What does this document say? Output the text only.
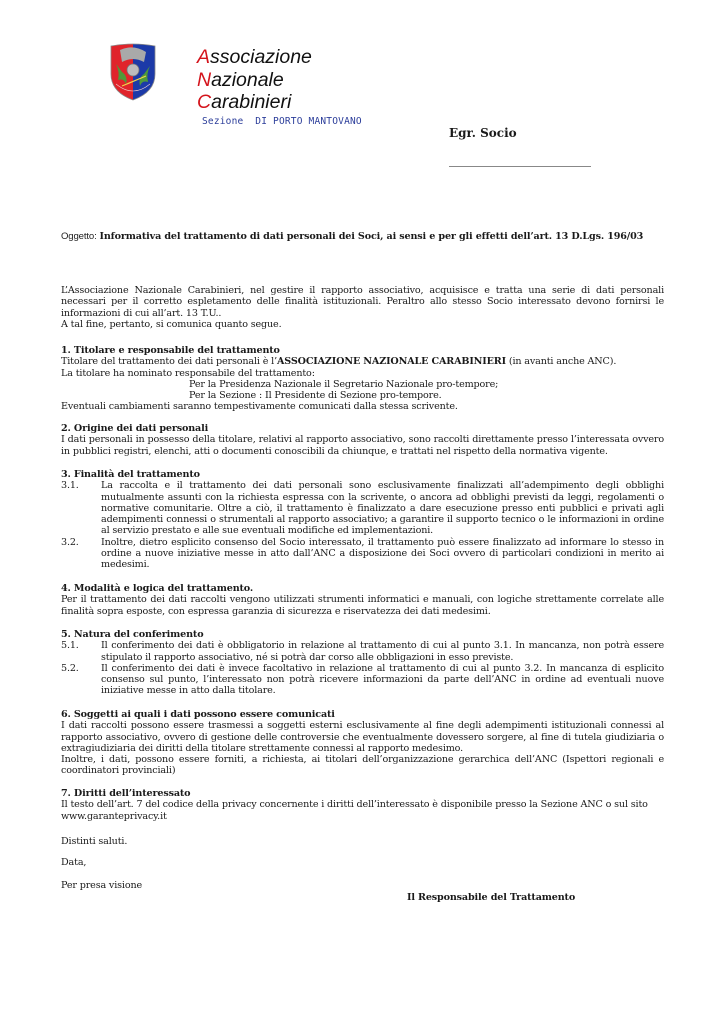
Associazione
Nazionale
Carabinieri
Sezione  DI PORTO MANTOVANO
Egr. Socio
Oggetto: Informativa del trattamento di dati personali dei Soci, ai sensi e per gli effetti dell’art. 13 D.Lgs. 196/03
L’Associazione Nazionale Carabinieri, nel gestire il rapporto associativo, acquisisce e tratta una serie di dati personali necessari per il corretto espletamento delle finalità istituzionali. Peraltro allo stesso Socio interessato devono fornirsi le informazioni di cui all’art. 13 T.U..
A tal fine, pertanto, si comunica quanto segue.
1. Titolare e responsabile del trattamento
Titolare del trattamento dei dati personali è l’ASSOCIAZIONE NAZIONALE CARABINIERI (in avanti anche ANC).
La titolare ha nominato responsabile del trattamento:
Per la Presidenza Nazionale il Segretario Nazionale pro-tempore;
Per la Sezione : Il Presidente di Sezione pro-tempore.
Eventuali cambiamenti saranno tempestivamente comunicati dalla stessa scrivente.
2. Origine dei dati personali
I dati personali in possesso della titolare, relativi al rapporto associativo, sono raccolti direttamente presso l’interessata ovvero in pubblici registri, elenchi, atti o documenti conoscibili da chiunque, e trattati nel rispetto della normativa vigente.
3. Finalità del trattamento
3.1.	La raccolta e il trattamento dei dati personali sono esclusivamente finalizzati all’adempimento degli obblighi mutualmente assunti con la richiesta espressa con la scrivente, o ancora ad obblighi previsti da leggi, regolamenti o normative comunitarie. Oltre a ciò, il trattamento è finalizzato a dare esecuzione presso enti pubblici e privati agli adempimenti connessi o strumentali al rapporto associativo; a garantire il supporto tecnico o le informazioni in ordine al servizio prestato e alle sue eventuali modifiche ed implementazioni.
3.2.	Inoltre, dietro esplicito consenso del Socio interessato, il trattamento può essere finalizzato ad informare lo stesso in ordine a nuove iniziative messe in atto dall’ANC a disposizione dei Soci ovvero di particolari condizioni in merito ai medesimi.
4. Modalità e logica del trattamento.
Per il trattamento dei dati raccolti vengono utilizzati strumenti informatici e manuali, con logiche strettamente correlate alle finalità sopra esposte, con espressa garanzia di sicurezza e riservatezza dei dati medesimi.
5. Natura del conferimento
5.1.	Il conferimento dei dati è obbligatorio in relazione al trattamento di cui al punto 3.1. In mancanza, non potrà essere stipulato il rapporto associativo, né si potrà dar corso alle obbligazioni in esso previste.
5.2.	Il conferimento dei dati è invece facoltativo in relazione al trattamento di cui al punto 3.2. In mancanza di esplicito consenso sul punto, l’interessato non potrà ricevere informazioni da parte dell’ANC in ordine ad eventuali nuove iniziative messe in atto dalla titolare.
6. Soggetti ai quali i dati possono essere comunicati
I dati raccolti possono essere trasmessi a soggetti esterni esclusivamente al fine degli adempimenti istituzionali connessi al rapporto associativo, ovvero di gestione delle controversie che eventualmente dovessero sorgere, al fine di tutela giudiziaria o extragiudiziaria dei diritti della titolare strettamente connessi al rapporto medesimo.
Inoltre, i dati, possono essere forniti, a richiesta, ai titolari dell’organizzazione gerarchica dell’ANC (Ispettori regionali e coordinatori provinciali)
7. Diritti dell’interessato
Il testo dell’art. 7 del codice della privacy concernente i diritti dell’interessato è disponibile presso la Sezione ANC o sul sito
www.garanteprivacy.it
Distinti saluti.
Data,
Per presa visione
Il Responsabile del Trattamento
